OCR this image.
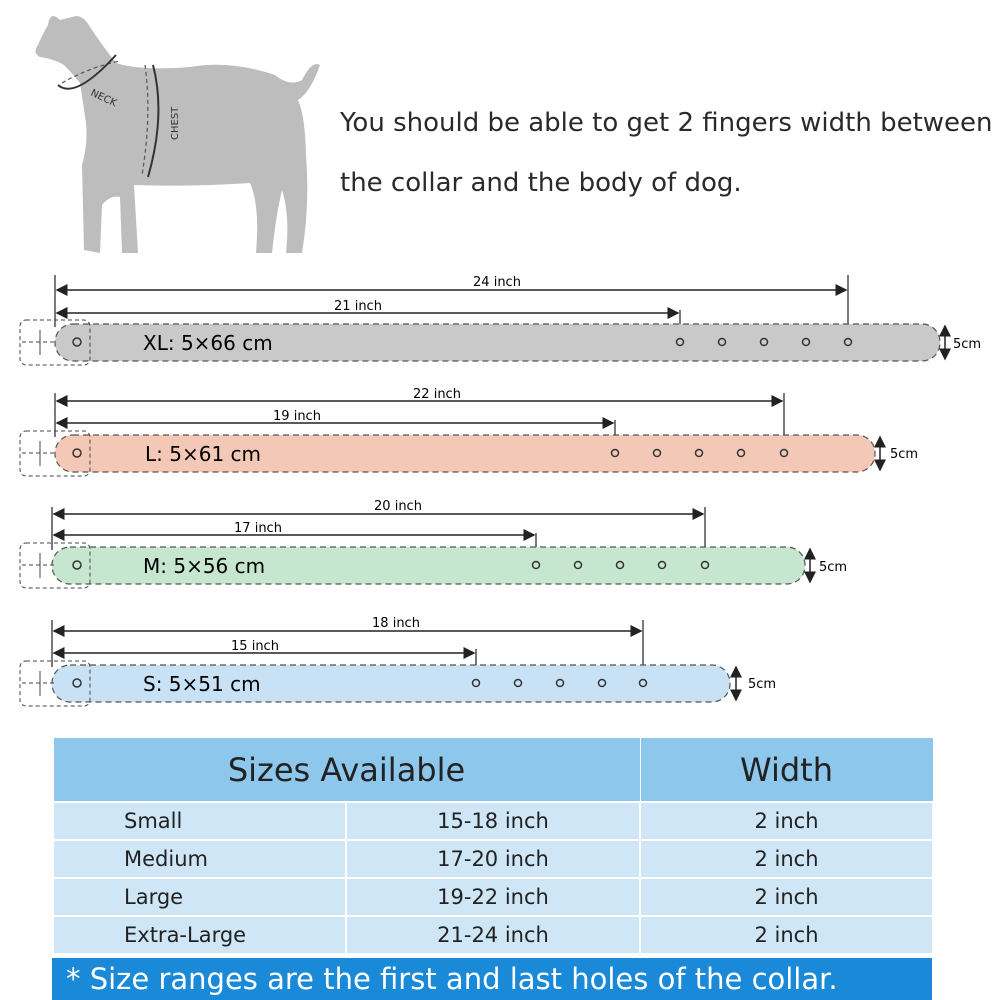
NECK
CHEST	You should be able to get 2 fingers width between
the collar and the body of dog.
24 inch
21 inch
XL: 5×66 cm	5cm
22 inch
19 inch
L: 5×61 cm	5cm
20 inch
17 inch
M: 5×56 cm	5cm
18 inch
15 inch
S: 5×51 cm	5cm
Sizes Available		Width
Small	15-18 inch	2 inch
Medium	17-20 inch	2 inch
Large	19-22 inch	2 inch
Extra-Large	21-24 inch	2 inch
* Size ranges are the first and last holes of the collar.
